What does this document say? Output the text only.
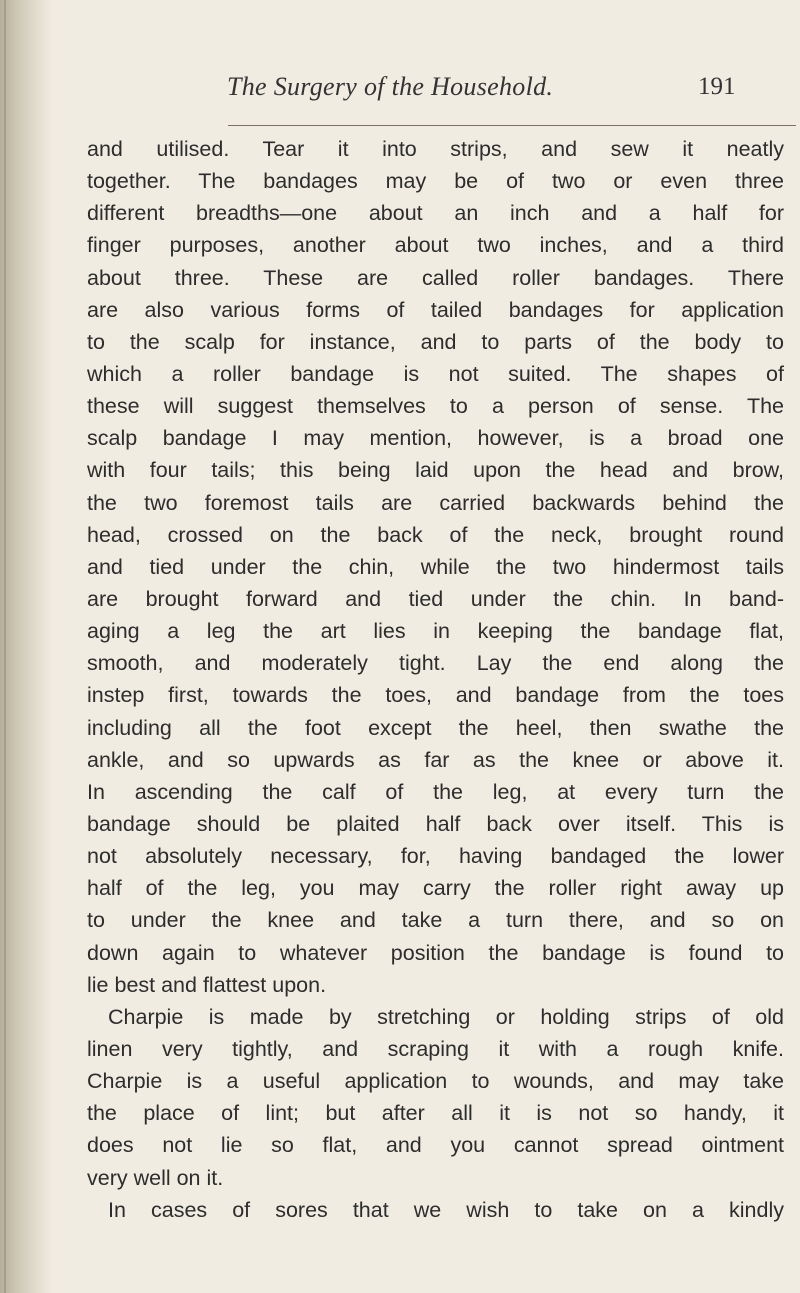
The Surgery of the Household.	191
and utilised. Tear it into strips, and sew it neatly
together. The bandages may be of two or even three
different breadths—one about an inch and a half for
finger purposes, another about two inches, and a third
about three. These are called roller bandages. There
are also various forms of tailed bandages for application
to the scalp for instance, and to parts of the body to
which a roller bandage is not suited. The shapes of
these will suggest themselves to a person of sense. The
scalp bandage I may mention, however, is a broad one
with four tails; this being laid upon the head and brow,
the two foremost tails are carried backwards behind the
head, crossed on the back of the neck, brought round
and tied under the chin, while the two hindermost tails
are brought forward and tied under the chin. In band-
aging a leg the art lies in keeping the bandage flat,
smooth, and moderately tight. Lay the end along the
instep first, towards the toes, and bandage from the toes
including all the foot except the heel, then swathe the
ankle, and so upwards as far as the knee or above it.
In ascending the calf of the leg, at every turn the
bandage should be plaited half back over itself. This is
not absolutely necessary, for, having bandaged the lower
half of the leg, you may carry the roller right away up
to under the knee and take a turn there, and so on
down again to whatever position the bandage is found to
lie best and flattest upon.
Charpie is made by stretching or holding strips of old
linen very tightly, and scraping it with a rough knife.
Charpie is a useful application to wounds, and may take
the place of lint; but after all it is not so handy, it
does not lie so flat, and you cannot spread ointment
very well on it.
In cases of sores that we wish to take on a kindly
